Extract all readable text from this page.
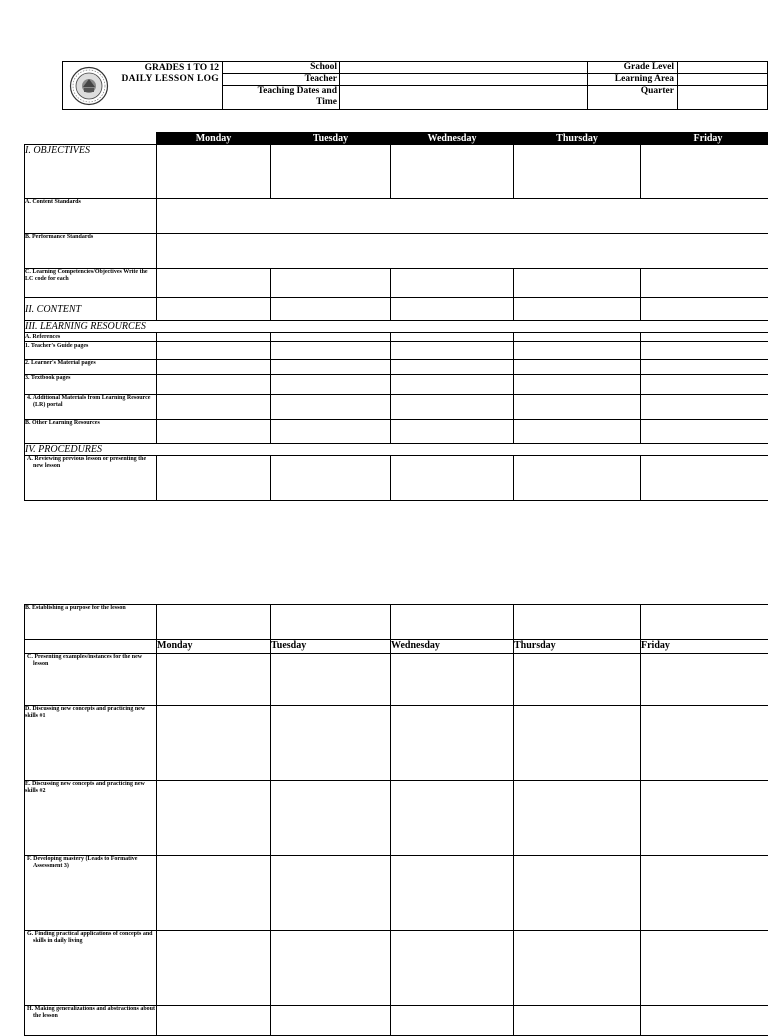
GRADES 1 TO 12
DAILY LESSON LOG
School
Teacher
Teaching Dates and Time
Grade Level
Learning Area
Quarter
	Monday	Tuesday	Wednesday	Thursday	Friday
I. OBJECTIVES					
A. Content Standards					
B. Performance Standards					
C. Learning Competencies/Objectives Write the LC code for each					
II. CONTENT					
III. LEARNING RESOURCES					
A. References					
1. Teacher's Guide pages					
2. Learner's Material pages					
3. Textbook pages					
4. Additional Materials from Learning Resource (LR) portal					
B. Other Learning Resources					
IV. PROCEDURES					
A. Reviewing previous lesson or presenting the new lesson					
B. Establishing a purpose for the lesson					
	Monday	Tuesday	Wednesday	Thursday	Friday
C. Presenting examples/instances for the new lesson					
D. Discussing new concepts and practicing new skills #1					
E. Discussing new concepts and practicing new skills #2					
F. Developing mastery (Leads to Formative Assessment 3)					
G. Finding practical applications of concepts and skills in daily living					
H. Making generalizations and abstractions about the lesson					
